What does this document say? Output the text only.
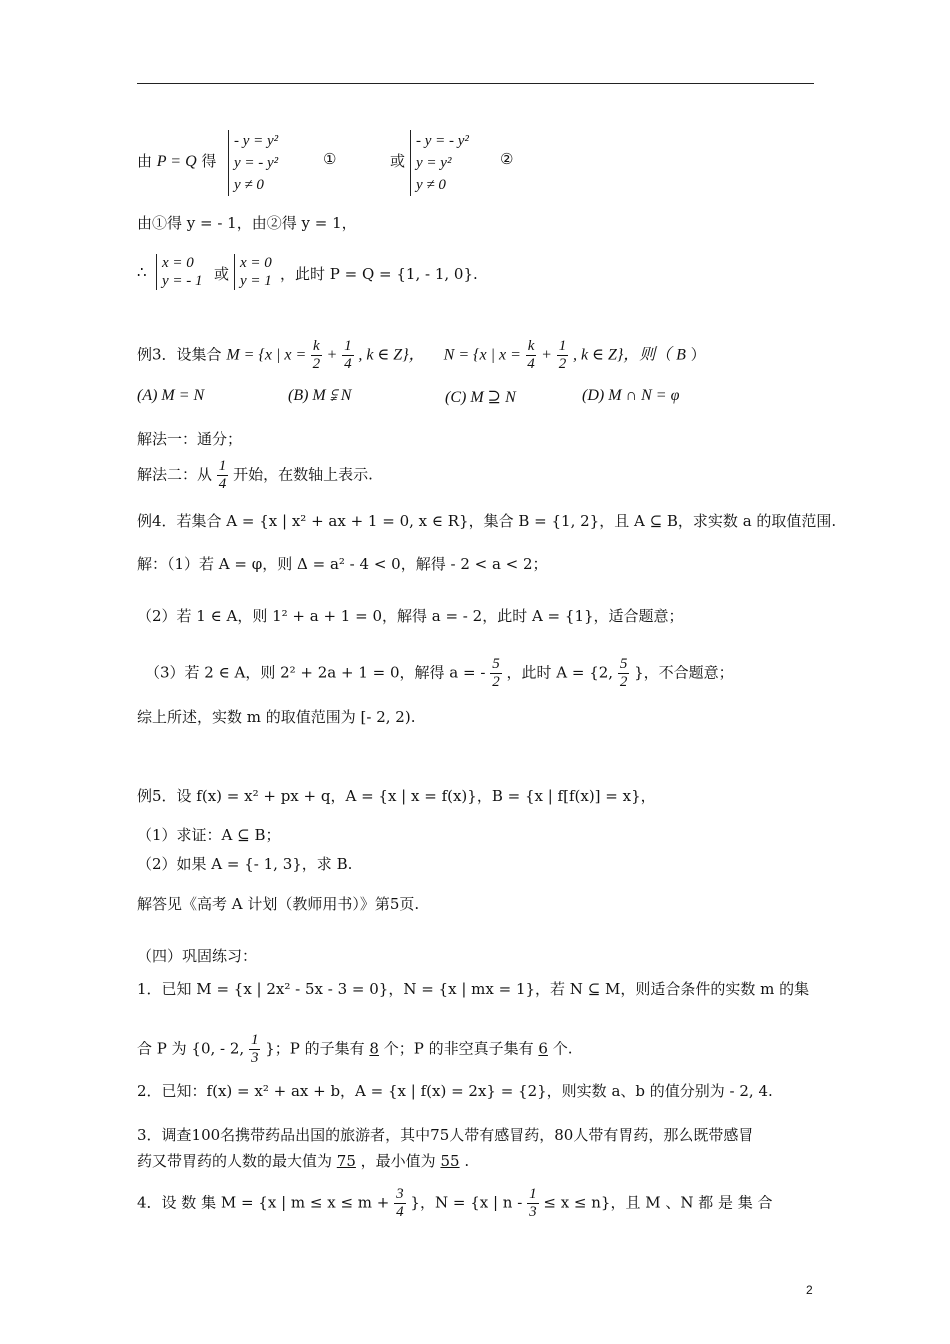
由 P = Q 得
- y = y²
y = - y²
y ≠ 0
①	或
- y = - y²
y = y²
y ≠ 0
②
由①得 y = - 1，由②得 y = 1，
∴ x = 0
y = - 1 或
x = 0
y = 1 ，此时 P = Q = {1, - 1, 0}.
例3．设集合 M = {x | $x = \frac{k}{2} + \frac{1}{4}$ , k ∈ Z}， N = {x | $x = \frac{k}{4} + \frac{1}{2}$ , k ∈ Z}，则（ B ）
(A) M = N	(B) M ⫋ N	(C) M ⊇ N	(D) M ∩ N = φ
解法一：通分；
解法二：从 $\frac{1}{4}$ 开始，在数轴上表示.
例4．若集合 A = {x | x² + ax + 1 = 0, x ∈ R}，集合 B = {1, 2}，且 A ⊆ B，求实数 a 的取值范围.
解：（1）若 A = φ，则 Δ = a² - 4 < 0，解得 - 2 < a < 2；
（2）若 1 ∈ A，则 1² + a + 1 = 0，解得 a = - 2，此时 A = {1}，适合题意；
（3）若 2 ∈ A，则 2² + 2a + 1 = 0，解得 a = - $\frac{5}{2}$ ，此时 A = {2, $\frac{5}{2}$ }，不合题意；
综上所述，实数 m 的取值范围为 [- 2, 2).
例5．设 f(x) = x² + px + q，A = {x | x = f(x)}，B = {x | f[f(x)] = x}，
（1）求证：A ⊆ B；
（2）如果 A = {- 1, 3}，求 B.
解答见《高考 A 计划（教师用书）》第5页.
（四）巩固练习：
1．已知 M = {x | 2x² - 5x - 3 = 0}，N = {x | mx = 1}，若 N ⊆ M，则适合条件的实数 m 的集
合 P 为 {0, - 2, $\frac{1}{3}$ }；P 的子集有 8 个；P 的非空真子集有 6 个.
2．已知：f(x) = x² + ax + b，A = {x | f(x) = 2x} = {2}，则实数 a、b 的值分别为 - 2, 4.
3．调查100名携带药品出国的旅游者，其中75人带有感冒药，80人带有胃药，那么既带感冒
药又带胃药的人数的最大值为 75 ，最小值为 55 .
4．设 数 集 M = {x | $m \le x \le m + \frac{3}{4}$ }，N = {x | $n - \frac{1}{3} \le x \le n$}，且 M 、N 都 是 集 合
2
